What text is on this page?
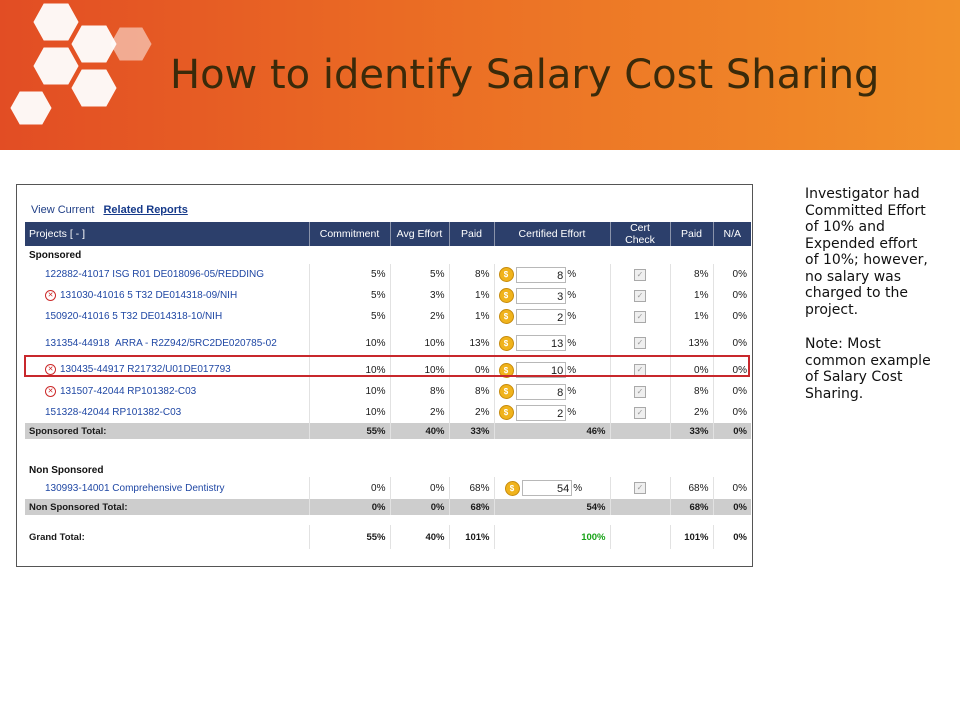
How to identify Salary Cost Sharing
View Current Related Reports
Projects [ - ]	Commitment	Avg Effort	Paid	Certified Effort	Cert Check	Paid	N/A
Sponsored							
122882-41017 ISG R01 DE018096-05/REDDING	5%	5%	8%	$ 8 %	✓	8%	0%
✕ 131030-41016 5 T32 DE014318-09/NIH	5%	3%	1%	$ 3 %	✓	1%	0%
150920-41016 5 T32 DE014318-10/NIH	5%	2%	1%	$ 2 %	✓	1%	0%

131354-44918 ARRA - R2Z942/5RC2DE020785-02	10%	10%	13%	$ 13 %	✓	13%	0%
✕ 130435-44917 R21732/U01DE017793	10%	10%	0%	$ 10 %	✓	0%	0%
✕ 131507-42044 RP101382-C03	10%	8%	8%	$ 8 %	✓	8%	0%
151328-42044 RP101382-C03	10%	2%	2%	$ 2 %	✓	2%	0%
Sponsored Total:	55%	40%	33%	46%		33%	0%

Non Sponsored							
130993-14001 Comprehensive Dentistry	0%	0%	68%	$ 54 %	✓	68%	0%
Non Sponsored Total:	0%	0%	68%	54%		68%	0%

Grand Total:	55%	40%	101%	100%		101%	0%

Investigator had Committed Effort of 10% and Expended effort of 10%; however, no salary was charged to the project.

Note: Most common example of Salary Cost Sharing.
